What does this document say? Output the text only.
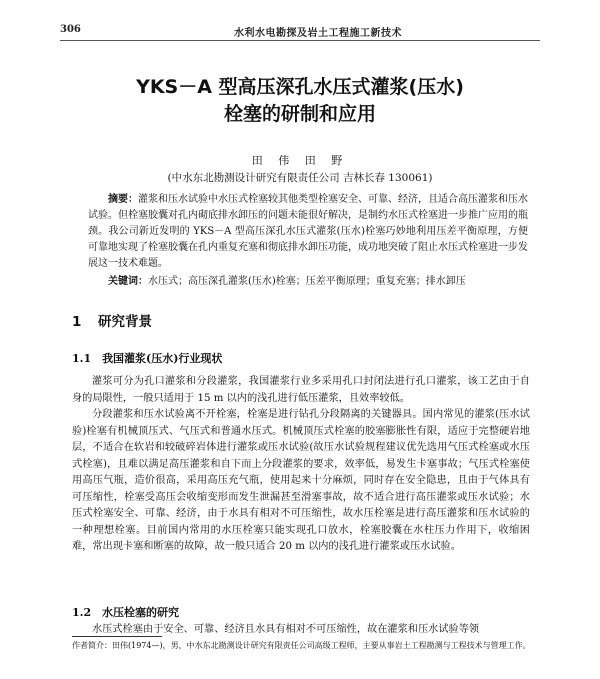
306	水利水电勘探及岩土工程施工新技术
YKS－A 型高压深孔水压式灌浆(压水)
栓塞的研制和应用
田 伟 田 野
(中水东北勘测设计研究有限责任公司 吉林长春 130061)
摘要：灌浆和压水试验中水压式栓塞较其他类型栓塞安全、可靠、经济，且适合高压灌浆和压水试验。但栓塞胶囊对孔内砌底排水卸压的问题未能很好解决，是制约水压式栓塞进一步推广应用的瓶颈。我公司新近发明的 YKS－A 型高压深孔水压式灌浆(压水)栓塞巧妙地利用压差平衡原理，方便可靠地实现了栓塞胶囊在孔内重复充塞和彻底排水卸压功能，成功地突破了阻止水压式栓塞进一步发展这一技术难题。
关键词：水压式；高压深孔灌浆(压水)栓塞；压差平衡原理；重复充塞；排水卸压
1 研究背景
1.1 我国灌浆(压水)行业现状
灌浆可分为孔口灌浆和分段灌浆，我国灌浆行业多采用孔口封闭法进行孔口灌浆，该工艺由于自身的局限性，一般只适用于 15 m 以内的浅孔进行低压灌浆，且效率较低。
分段灌浆和压水试验离不开栓塞，栓塞是进行钻孔分段隔离的关键器具。国内常见的灌浆(压水试验)栓塞有机械顶压式、气压式和普通水压式。机械顶压式栓塞的胶塞膨胀性有限，适应于完整硬岩地层，不适合在软岩和较破碎岩体进行灌浆或压水试验(故压水试验规程建议优先选用气压式栓塞或水压式栓塞)，且难以满足高压灌浆和自下而上分段灌浆的要求，效率低，易发生卡塞事故；气压式栓塞使用高压气瓶，造价很高，采用高压充气瓶，使用起来十分麻烦，同时存在安全隐患，且由于气体具有可压缩性，栓塞受高压会收缩变形而发生泄漏甚至滑塞事故，故不适合进行高压灌浆或压水试验；水压式栓塞安全、可靠、经济，由于水具有相对不可压缩性，故水压栓塞是进行高压灌浆和压水试验的一种理想栓塞。目前国内常用的水压栓塞只能实现孔口放水，栓塞胶囊在水柱压力作用下，收缩困难，常出现卡塞和断塞的故障，故一般只适合 20 m 以内的浅孔进行灌浆或压水试验。
1.2 水压栓塞的研究
水压式栓塞由于安全、可靠、经济且水具有相对不可压缩性，故在灌浆和压水试验等领
作者简介：田伟(1974—)，男，中水东北勘测设计研究有限责任公司高级工程师，主要从事岩土工程勘测与工程技术与管理工作。
